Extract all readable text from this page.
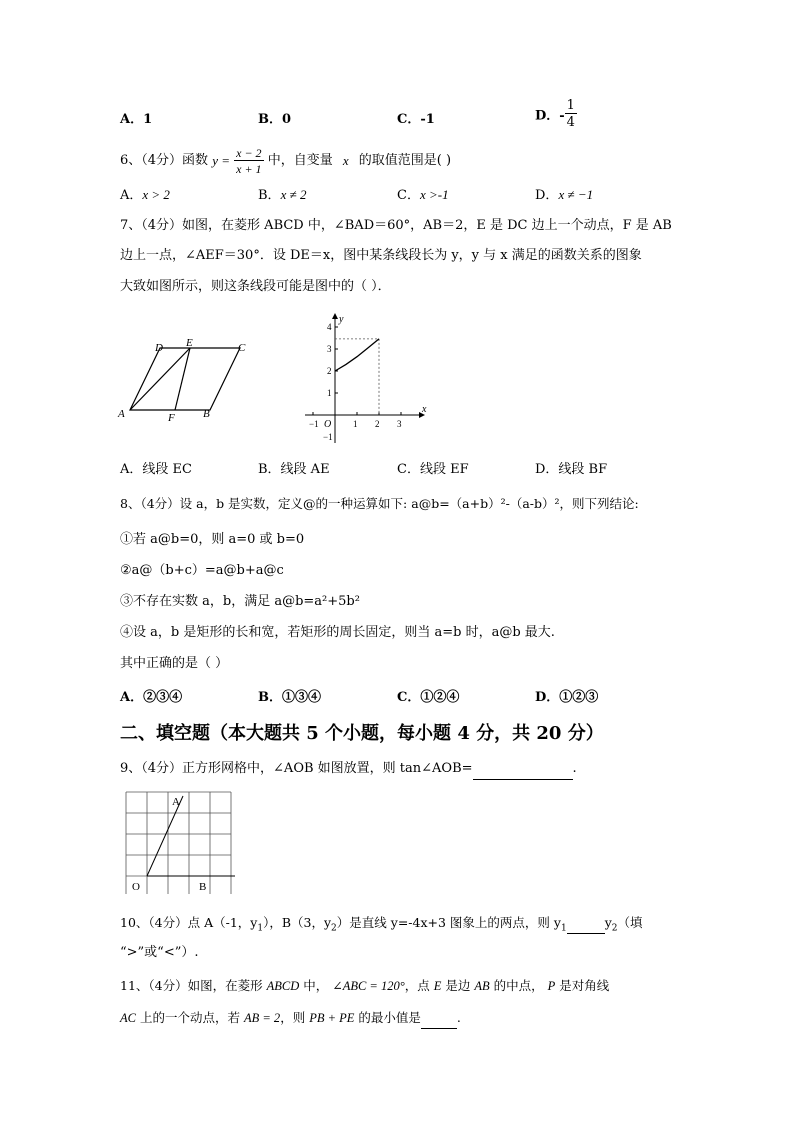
A．1	B．0	C．-1	D．- $\frac{1}{4}$
6、（4分）函数 $y = \frac{x - 2}{x + 1}$ 中，自变量 x 的取值范围是( )
A．x > 2	B．x ≠ 2	C．x >-1	D．x ≠ −1
7、（4分）如图，在菱形 ABCD 中，∠BAD＝60°，AB＝2，E 是 DC 边上一个动点，F 是 AB
边上一点，∠AEF＝30°．设 DE＝x，图中某条线段长为 y，y 与 x 满足的函数关系的图象
大致如图所示，则这条线段可能是图中的（ ）．
A	B
C
D E
F	−1	1 2 3
1
2
3
4
−1
x
y
O
A．线段 EC	B．线段 AE	C．线段 EF	D．线段 BF
8、（4分）设 a，b 是实数，定义@的一种运算如下: a@b=（a+b）²-（a-b）²，则下列结论:
①若 a@b=0，则 a=0 或 b=0
②a@（b+c）=a@b+a@c
③不存在实数 a，b，满足 a@b=a²+5b²
④设 a，b 是矩形的长和宽，若矩形的周长固定，则当 a=b 时，a@b 最大.
其中正确的是（ ）
A．②③④	B．①③④	C．①②④	D．①②③
二、填空题（本大题共 5 个小题，每小题 4 分，共 20 分）
9、（4分）正方形网格中，∠AOB 如图放置，则 tan∠AOB=	.
A
O	B
10、（4分）点 A（-1，$y_1$），B（3，$y_2$）是直线 y=-4x+3 图象上的两点，则 $y_1$	$y_2$（填
“>”或“<”）.
11、（4分）如图，在菱形 ABCD 中， ∠ABC = 120°，点 E 是边 AB 的中点， P 是对角线
AC 上的一个动点，若 AB = 2，则 PB + PE 的最小值是	.
